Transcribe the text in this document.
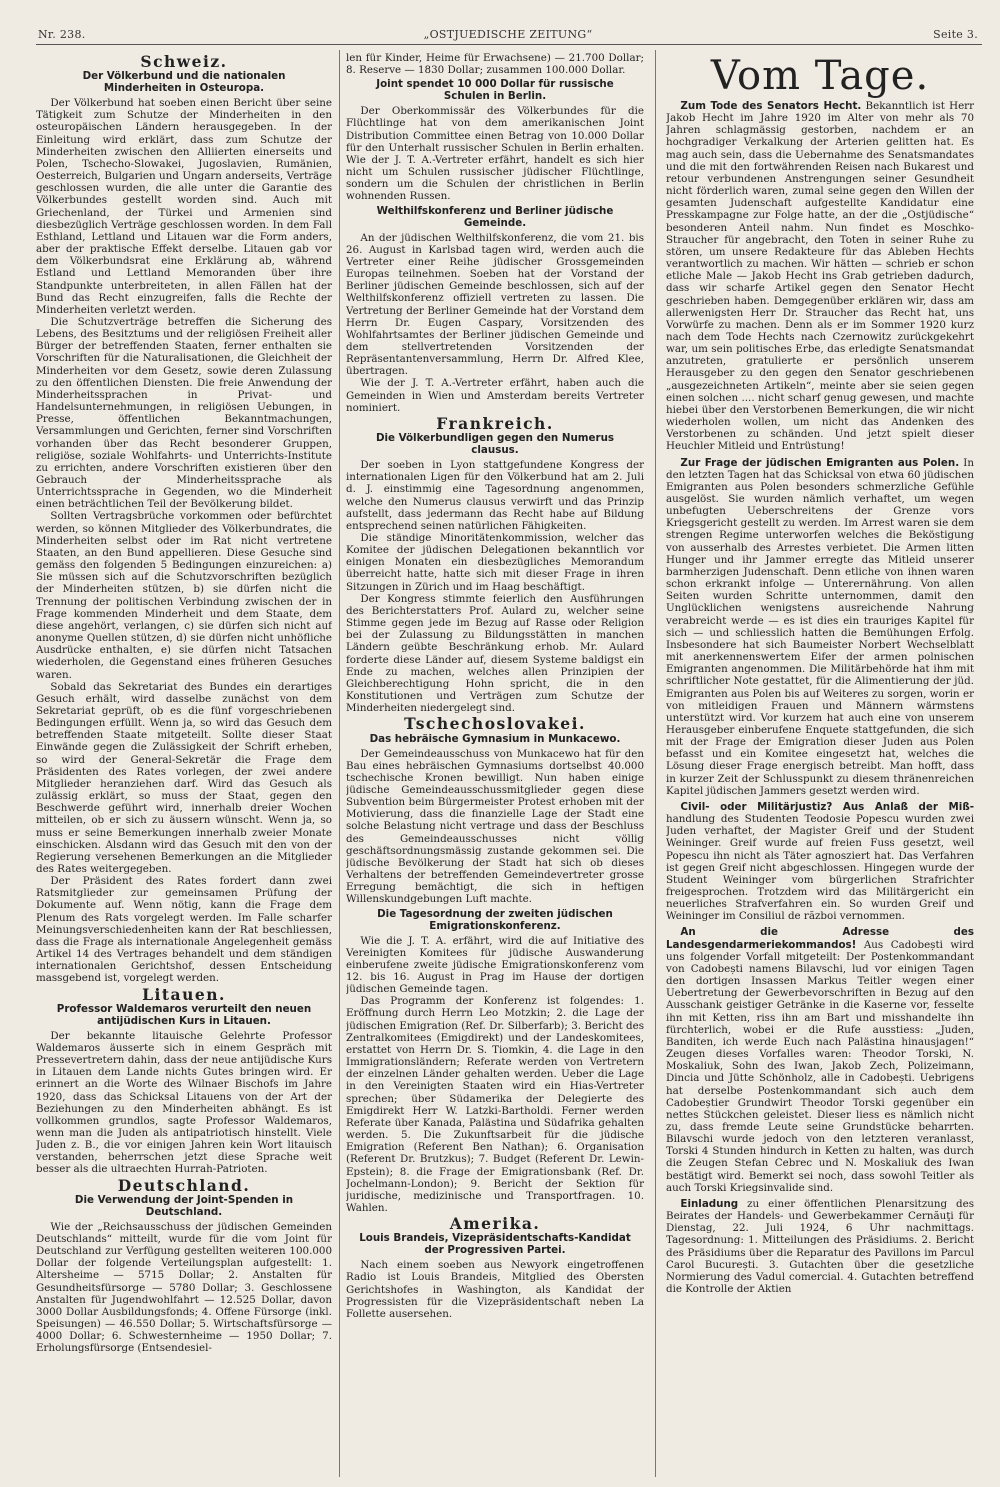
Nr. 238.	„OSTJUEDISCHE ZEITUNG“	Seite 3.
Schweiz.
Der Völkerbund und die nationalen Minderheiten in Osteuropa.

Der Völkerbund hat soeben einen Bericht über seine Tätigkeit zum Schutze der Minderheiten in den osteuropäischen Ländern herausgegeben. In der Einleitung wird erklärt, dass zum Schutze der Minderheiten zwischen den Alliierten einerseits und Polen, Tschecho-Slowakei, Jugoslavien, Rumänien, Oesterreich, Bulgarien und Ungarn anderseits, Verträge geschlossen wurden, die alle unter die Garantie des Völkerbundes gestellt worden sind. Auch mit Griechenland, der Türkei und Armenien sind diesbezüglich Verträge geschlossen worden. In dem Fall Esthland, Lettland und Litauen war die Form anders, aber der praktische Effekt derselbe. Litauen gab vor dem Völkerbundsrat eine Erklärung ab, während Estland und Lettland Memoranden über ihre Standpunkte unterbreiteten, in allen Fällen hat der Bund das Recht einzugreifen, falls die Rechte der Minderheiten verletzt werden.

Die Schutzverträge betreffen die Sicherung des Lebens, des Besitztums und der religiösen Freiheit aller Bürger der betreffenden Staaten, ferner enthalten sie Vorschriften für die Naturalisationen, die Gleichheit der Minderheiten vor dem Gesetz, sowie deren Zulassung zu den öffentlichen Diensten. Die freie Anwendung der Minderheitssprachen in Privat- und Handelsunternehmungen, in religiösen Uebungen, in Presse, öffentlichen Bekanntmachungen, Versammlungen und Gerichten, ferner sind Vorschriften vorhanden über das Recht besonderer Gruppen, religiöse, soziale Wohlfahrts- und Unterrichts-Institute zu errichten, andere Vorschriften existieren über den Gebrauch der Minderheitssprache als Unterrichtssprache in Gegenden, wo die Minderheit einen beträchtlichen Teil der Bevölkerung bildet.

Sollten Vertragsbrüche vorkommen oder befürchtet werden, so können Mitglieder des Völkerbundrates, die Minderheiten selbst oder im Rat nicht vertretene Staaten, an den Bund appellieren. Diese Gesuche sind gemäss den folgenden 5 Bedingungen einzureichen: a) Sie müssen sich auf die Schutzvorschriften bezüglich der Minderheiten stützen, b) sie dürfen nicht die Trennung der politischen Verbindung zwischen der in Frage kommenden Minderheit und dem Staate, dem diese angehört, verlangen, c) sie dürfen sich nicht auf anonyme Quellen stützen, d) sie dürfen nicht unhöfliche Ausdrücke enthalten, e) sie dürfen nicht Tatsachen wiederholen, die Gegenstand eines früheren Gesuches waren.

Sobald das Sekretariat des Bundes ein derartiges Gesuch erhält, wird dasselbe zunächst von dem Sekretariat geprüft, ob es die fünf vorgeschriebenen Bedingungen erfüllt. Wenn ja, so wird das Gesuch dem betreffenden Staate mitgeteilt. Sollte dieser Staat Einwände gegen die Zulässigkeit der Schrift erheben, so wird der General-Sekretär die Frage dem Präsidenten des Rates vorlegen, der zwei andere Mitglieder heranziehen darf. Wird das Gesuch als zulässig erklärt, so muss der Staat, gegen den Beschwerde geführt wird, innerhalb dreier Wochen mitteilen, ob er sich zu äussern wünscht. Wenn ja, so muss er seine Bemerkungen innerhalb zweier Monate einschicken. Alsdann wird das Gesuch mit den von der Regierung versehenen Bemerkungen an die Mitglieder des Rates weitergegeben.

Der Präsident des Rates fordert dann zwei Ratsmitglieder zur gemeinsamen Prüfung der Dokumente auf. Wenn nötig, kann die Frage dem Plenum des Rats vorgelegt werden. Im Falle scharfer Meinungsverschiedenheiten kann der Rat beschliessen, dass die Frage als internationale Angelegenheit gemäss Artikel 14 des Vertrages behandelt und dem ständigen internationalen Gerichtshof, dessen Entscheidung massgebend ist, vorgelegt werden.

Litauen.
Professor Waldemaros verurteilt den neuen antijüdischen Kurs in Litauen.

Der bekannte litauische Gelehrte Professor Waldemaros äusserte sich in einem Gespräch mit Pressevertretern dahin, dass der neue antijüdische Kurs in Litauen dem Lande nichts Gutes bringen wird. Er erinnert an die Worte des Wilnaer Bischofs im Jahre 1920, dass das Schicksal Litauens von der Art der Beziehungen zu den Minderheiten abhängt. Es ist vollkommen grundlos, sagte Professor Waldemaros, wenn man die Juden als antipatriotisch hinstellt. Viele Juden z. B., die vor einigen Jahren kein Wort litauisch verstanden, beherrschen jetzt diese Sprache weit besser als die ultraechten Hurrah-Patrioten.

Deutschland.
Die Verwendung der Joint-Spenden in Deutschland.

Wie der „Reichsausschuss der jüdischen Gemeinden Deutschlands“ mitteilt, wurde für die vom Joint für Deutschland zur Verfügung gestellten weiteren 100.000 Dollar der folgende Verteilungsplan aufgestellt: 1. Altersheime — 5715 Dollar; 2. Anstalten für Gesundheitsfürsorge — 5780 Dollar; 3. Geschlossene Anstalten für Jugendwohlfahrt — 12.525 Dollar, davon 3000 Dollar Ausbildungsfonds; 4. Offene Fürsorge (inkl. Speisungen) — 46.550 Dollar; 5. Wirtschaftsfürsorge — 4000 Dollar; 6. Schwesternheime — 1950 Dollar; 7. Erholungsfürsorge (Entsendesiel-

len für Kinder, Heime für Erwachsene) — 21.700 Dollar; 8. Reserve — 1830 Dollar; zusammen 100.000 Dollar.

Joint spendet 10 000 Dollar für russische Schulen in Berlin.

Der Oberkommissär des Völkerbundes für die Flüchtlinge hat von dem amerikanischen Joint Distribution Committee einen Betrag von 10.000 Dollar für den Unterhalt russischer Schulen in Berlin erhalten. Wie der J. T. A.-Vertreter erfährt, handelt es sich hier nicht um Schulen russischer jüdischer Flüchtlinge, sondern um die Schulen der christlichen in Berlin wohnenden Russen.

Welthilfskonferenz und Berliner jüdische Gemeinde.

An der jüdischen Welthilfskonferenz, die vom 21. bis 26. August in Karlsbad tagen wird, werden auch die Vertreter einer Reihe jüdischer Grossgemeinden Europas teilnehmen. Soeben hat der Vorstand der Berliner jüdischen Gemeinde beschlossen, sich auf der Welthilfskonferenz offiziell vertreten zu lassen. Die Vertretung der Berliner Gemeinde hat der Vorstand dem Herrn Dr. Eugen Caspary, Vorsitzenden des Wohlfahrtsamtes der Berliner jüdischen Gemeinde und dem stellvertretenden Vorsitzenden der Repräsentantenversammlung, Herrn Dr. Alfred Klee, übertragen.

Wie der J. T. A.-Vertreter erfährt, haben auch die Gemeinden in Wien und Amsterdam bereits Vertreter nominiert.

Frankreich.
Die Völkerbundligen gegen den Numerus clausus.

Der soeben in Lyon stattgefundene Kongress der internationalen Ligen für den Völkerbund hat am 2. Juli d. J. einstimmig eine Tagesordnung angenommen, welche den Numerus clausus verwirft und das Prinzip aufstellt, dass jedermann das Recht habe auf Bildung entsprechend seinen natürlichen Fähigkeiten.

Die ständige Minoritätenkommission, welcher das Komitee der jüdischen Delegationen bekanntlich vor einigen Monaten ein diesbezügliches Memorandum überreicht hatte, hatte sich mit dieser Frage in ihren Sitzungen in Zürich und im Haag beschäftigt.

Der Kongress stimmte feierlich den Ausführungen des Berichterstatters Prof. Aulard zu, welcher seine Stimme gegen jede im Bezug auf Rasse oder Religion bei der Zulassung zu Bildungsstätten in manchen Ländern geübte Beschränkung erhob. Mr. Aulard forderte diese Länder auf, diesem Systeme baldigst ein Ende zu machen, welches allen Prinzipien der Gleichberechtigung Hohn spricht, die in den Konstitutionen und Verträgen zum Schutze der Minderheiten niedergelegt sind.

Tschechoslovakei.
Das hebräische Gymnasium in Munkacewo.

Der Gemeindeausschuss von Munkacewo hat für den Bau eines hebräischen Gymnasiums dortselbst 40.000 tschechische Kronen bewilligt. Nun haben einige jüdische Gemeindeausschussmitglieder gegen diese Subvention beim Bürgermeister Protest erhoben mit der Motivierung, dass die finanzielle Lage der Stadt eine solche Belastung nicht vertrage und dass der Beschluss des Gemeindeausschusses nicht völlig geschäftsordnungsmässig zustande gekommen sei. Die jüdische Bevölkerung der Stadt hat sich ob dieses Verhaltens der betreffenden Gemeindevertreter grosse Erregung bemächtigt, die sich in heftigen Willenskundgebungen Luft machte.

Die Tagesordnung der zweiten jüdischen Emigrationskonferenz.

Wie die J. T. A. erfährt, wird die auf Initiative des Vereinigten Komitees für jüdische Auswanderung einberufene zweite jüdische Emigrationskonferenz vom 12. bis 16. August in Prag im Hause der dortigen jüdischen Gemeinde tagen.

Das Programm der Konferenz ist folgendes: 1. Eröffnung durch Herrn Leo Motzkin; 2. die Lage der jüdischen Emigration (Ref. Dr. Silberfarb); 3. Bericht des Zentralkomitees (Emigdirekt) und der Landeskomitees, erstattet von Herrn Dr. S. Tiomkin, 4. die Lage in den Immigrationsländern; Referate werden von Vertretern der einzelnen Länder gehalten werden. Ueber die Lage in den Vereinigten Staaten wird ein Hias-Vertreter sprechen; über Südamerika der Delegierte des Emigdirekt Herr W. Latzki-Bartholdi. Ferner werden Referate über Kanada, Palästina und Südafrika gehalten werden. 5. Die Zukunftsarbeit für die jüdische Emigration (Referent Ben Nathan); 6. Organisation (Referent Dr. Brutzkus); 7. Budget (Referent Dr. Lewin-Epstein); 8. die Frage der Emigrationsbank (Ref. Dr. Jochelmann-London); 9. Bericht der Sektion für juridische, medizinische und Transportfragen. 10. Wahlen.

Amerika.
Louis Brandeis, Vizepräsidentschafts-Kandidat der Progressiven Partei.

Nach einem soeben aus Newyork eingetroffenen Radio ist Louis Brandeis, Mitglied des Obersten Gerichtshofes in Washington, als Kandidat der Progressisten für die Vizepräsidentschaft neben La Follette ausersehen.

Vom Tage.

Zum Tode des Senators Hecht. Bekanntlich ist Herr Jakob Hecht im Jahre 1920 im Alter von mehr als 70 Jahren schlagmässig gestorben, nachdem er an hochgradiger Verkalkung der Arterien gelitten hat. Es mag auch sein, dass die Uebernahme des Senatsmandates und die mit den fortwährenden Reisen nach Bukarest und retour verbundenen Anstrengungen seiner Gesundheit nicht förderlich waren, zumal seine gegen den Willen der gesamten Judenschaft aufgestellte Kandidatur eine Presskampagne zur Folge hatte, an der die „Ostjüdische“ besonderen Anteil nahm. Nun findet es Moschko-Straucher für angebracht, den Toten in seiner Ruhe zu stören, um unsere Redakteure für das Ableben Hechts verantwortlich zu machen. Wir hätten — schrieb er schon etliche Male — Jakob Hecht ins Grab getrieben dadurch, dass wir scharfe Artikel gegen den Senator Hecht geschrieben haben. Demgegenüber erklären wir, dass am allerwenigsten Herr Dr. Straucher das Recht hat, uns Vorwürfe zu machen. Denn als er im Sommer 1920 kurz nach dem Tode Hechts nach Czernowitz zurückgekehrt war, um sein politisches Erbe, das erledigte Senatsmandat anzutreten, gratulierte er persönlich unserem Herausgeber zu den gegen den Senator geschriebenen „ausgezeichneten Artikeln“, meinte aber sie seien gegen einen solchen .... nicht scharf genug gewesen, und machte hiebei über den Verstorbenen Bemerkungen, die wir nicht wiederholen wollen, um nicht das Andenken des Verstorbenen zu schänden. Und jetzt spielt dieser Heuchler Mitleid und Entrüstung!

Zur Frage der jüdischen Emigranten aus Polen. In den letzten Tagen hat das Schicksal von etwa 60 jüdischen Emigranten aus Polen besonders schmerzliche Gefühle ausgelöst. Sie wurden nämlich verhaftet, um wegen unbefugten Ueberschreitens der Grenze vors Kriegsgericht gestellt zu werden. Im Arrest waren sie dem strengen Regime unterworfen welches die Beköstigung von ausserhalb des Arrestes verbietet. Die Armen litten Hunger und ihr Jammer erregte das Mitleid unserer barmherzigen Judenschaft. Denn etliche von ihnen waren schon erkrankt infolge — Unterernährung. Von allen Seiten wurden Schritte unternommen, damit den Unglücklichen wenigstens ausreichende Nahrung verabreicht werde — es ist dies ein trauriges Kapitel für sich — und schliesslich hatten die Bemühungen Erfolg. Insbesondere hat sich Baumeister Norbert Wechselblatt mit anerkennenswertem Eifer der armen polnischen Emigranten angenommen. Die Militärbehörde hat ihm mit schriftlicher Note gestattet, für die Alimentierung der jüd. Emigranten aus Polen bis auf Weiteres zu sorgen, worin er von mitleidigen Frauen und Männern wärmstens unterstützt wird. Vor kurzem hat auch eine von unserem Herausgeber einberufene Enquete stattgefunden, die sich mit der Frage der Emigration dieser Juden aus Polen befasst und ein Komitee eingesetzt hat, welches die Lösung dieser Frage energisch betreibt. Man hofft, dass in kurzer Zeit der Schlusspunkt zu diesem thränenreichen Kapitel jüdischen Jammers gesetzt werden wird.

Civil- oder Militärjustiz? Aus Anlaß der Miß- handlung des Studenten Teodosie Popescu wurden zwei Juden verhaftet, der Magister Greif und der Student Weininger. Greif wurde auf freien Fuss gesetzt, weil Popescu ihn nicht als Täter agnosziert hat. Das Verfahren ist gegen Greif nicht abgeschlossen. Hingegen wurde der Student Weininger vom bürgerlichen Strafrichter freigesprochen. Trotzdem wird das Militärgericht ein neuerliches Strafverfahren ein. So wurden Greif und Weininger im Consiliul de război vernommen.

An die Adresse des Landesgendarmeriekommandos! Aus Cadobești wird uns folgender Vorfall mitgeteilt: Der Postenkommandant von Cadobești namens Bilavschi, lud vor einigen Tagen den dortigen Insassen Markus Teitler wegen einer Uebertretung der Gewerbevorschriften in Bezug auf den Ausschank geistiger Getränke in die Kaserne vor, fesselte ihn mit Ketten, riss ihn am Bart und misshandelte ihn fürchterlich, wobei er die Rufe ausstiess: „Juden, Banditen, ich werde Euch nach Palästina hinausjagen!“ Zeugen dieses Vorfalles waren: Theodor Torski, N. Moskaliuk, Sohn des Iwan, Jakob Zech, Polizeimann, Dincia und Jütte Schönholz, alle in Cadobești. Uebrigens hat derselbe Postenkommandant sich auch dem Cadobeștier Grundwirt Theodor Torski gegenüber ein nettes Stückchen geleistet. Dieser liess es nämlich nicht zu, dass fremde Leute seine Grundstücke beharrten. Bilavschi wurde jedoch von den letzteren veranlasst, Torski 4 Stunden hindurch in Ketten zu halten, was durch die Zeugen Stefan Cebrec und N. Moskaliuk des Iwan bestätigt wird. Bemerkt sei noch, dass sowohl Teitler als auch Torski Kriegsinvalide sind.

Einladung zu einer öffentlichen Plenarsitzung des Beirates der Handels- und Gewerbekammer Cernăuţi für Dienstag, 22. Juli 1924, 6 Uhr nachmittags. Tagesordnung: 1. Mitteilungen des Präsidiums. 2. Bericht des Präsidiums über die Reparatur des Pavillons im Parcul Carol București. 3. Gutachten über die gesetzliche Normierung des Vadul comercial. 4. Gutachten betreffend die Kontrolle der Aktien
